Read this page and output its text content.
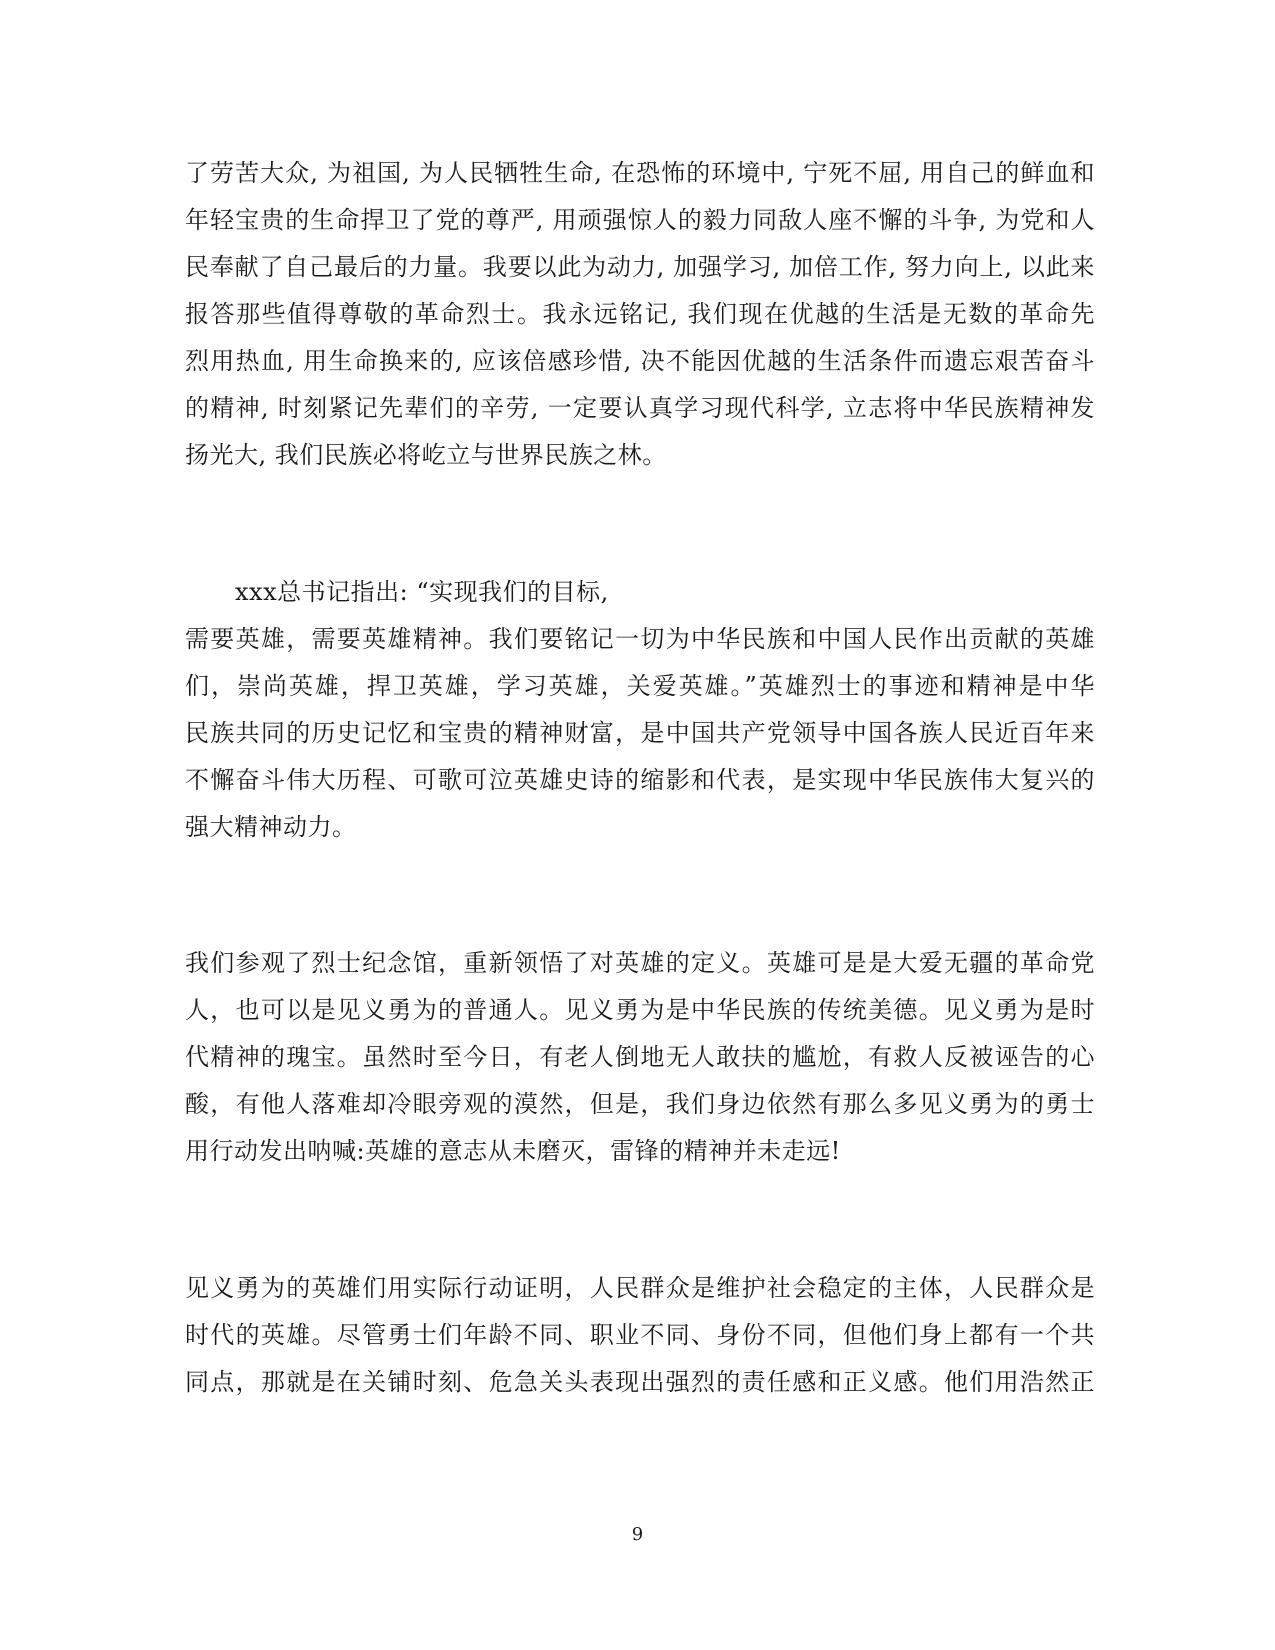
了劳苦大众, 为祖国, 为人民牺牲生命, 在恐怖的环境中, 宁死不屈, 用自己的鲜血和
年轻宝贵的生命捍卫了党的尊严, 用顽强惊人的毅力同敌人座不懈的斗争, 为党和人
民奉献了自己最后的力量。我要以此为动力, 加强学习, 加倍工作, 努力向上, 以此来
报答那些值得尊敬的革命烈士。我永远铭记, 我们现在优越的生活是无数的革命先
烈用热血, 用生命换来的, 应该倍感珍惜, 决不能因优越的生活条件而遗忘艰苦奋斗
的精神, 时刻紧记先辈们的辛劳, 一定要认真学习现代科学, 立志将中华民族精神发
扬光大, 我们民族必将屹立与世界民族之林。
xxx总书记指出: “实现我们的目标,
需要英雄，需要英雄精神。我们要铭记一切为中华民族和中国人民作出贡献的英雄
们，崇尚英雄，捍卫英雄，学习英雄，关爱英雄。”英雄烈士的事迹和精神是中华
民族共同的历史记忆和宝贵的精神财富，是中国共产党领导中国各族人民近百年来
不懈奋斗伟大历程、可歌可泣英雄史诗的缩影和代表，是实现中华民族伟大复兴的
强大精神动力。
我们参观了烈士纪念馆，重新领悟了对英雄的定义。英雄可是是大爱无疆的革命党
人，也可以是见义勇为的普通人。见义勇为是中华民族的传统美德。见义勇为是时
代精神的瑰宝。虽然时至今日，有老人倒地无人敢扶的尴尬，有救人反被诬告的心
酸，有他人落难却冷眼旁观的漠然，但是，我们身边依然有那么多见义勇为的勇士
用行动发出呐喊:英雄的意志从未磨灭，雷锋的精神并未走远!
见义勇为的英雄们用实际行动证明，人民群众是维护社会稳定的主体，人民群众是
时代的英雄。尽管勇士们年龄不同、职业不同、身份不同，但他们身上都有一个共
同点，那就是在关铺时刻、危急关头表现出强烈的责任感和正义感。他们用浩然正
9
